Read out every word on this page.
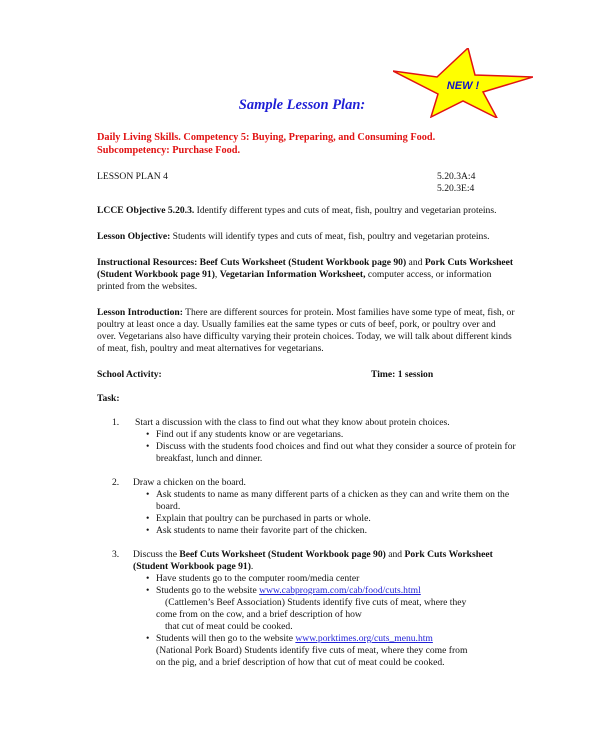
NEW !
Sample Lesson Plan:
Daily Living Skills. Competency 5: Buying, Preparing, and Consuming Food.
Subcompetency: Purchase Food.
LESSON PLAN 4	5.20.3A:4
5.20.3E:4

LCCE Objective 5.20.3. Identify different types and cuts of meat, fish, poultry and vegetarian proteins.

Lesson Objective: Students will identify types and cuts of meat, fish, poultry and vegetarian proteins.

Instructional Resources: Beef Cuts Worksheet (Student Workbook page 90) and Pork Cuts Worksheet (Student Workbook page 91), Vegetarian Information Worksheet, computer access, or information printed from the websites.

Lesson Introduction: There are different sources for protein. Most families have some type of meat, fish, or poultry at least once a day. Usually families eat the same types or cuts of beef, pork, or poultry over and over. Vegetarians also have difficulty varying their protein choices. Today, we will talk about different kinds of meat, fish, poultry and meat alternatives for vegetarians.

School Activity:	Time: 1 session
Task:
1. Start a discussion with the class to find out what they know about protein choices.
• Find out if any students know or are vegetarians.
• Discuss with the students food choices and find out what they consider a source of protein for breakfast, lunch and dinner.
2. Draw a chicken on the board.
• Ask students to name as many different parts of a chicken as they can and write them on the board.
• Explain that poultry can be purchased in parts or whole.
• Ask students to name their favorite part of the chicken.
3. Discuss the Beef Cuts Worksheet (Student Workbook page 90) and Pork Cuts Worksheet (Student Workbook page 91).
• Have students go to the computer room/media center
• Students go to the website www.cabprogram.com/cab/food/cuts.html
(Cattlemen’s Beef Association) Students identify five cuts of meat, where they
come from on the cow, and a brief description of how
that cut of meat could be cooked.
• Students will then go to the website www.porktimes.org/cuts_menu.htm
(National Pork Board) Students identify five cuts of meat, where they come from
on the pig, and a brief description of how that cut of meat could be cooked.
